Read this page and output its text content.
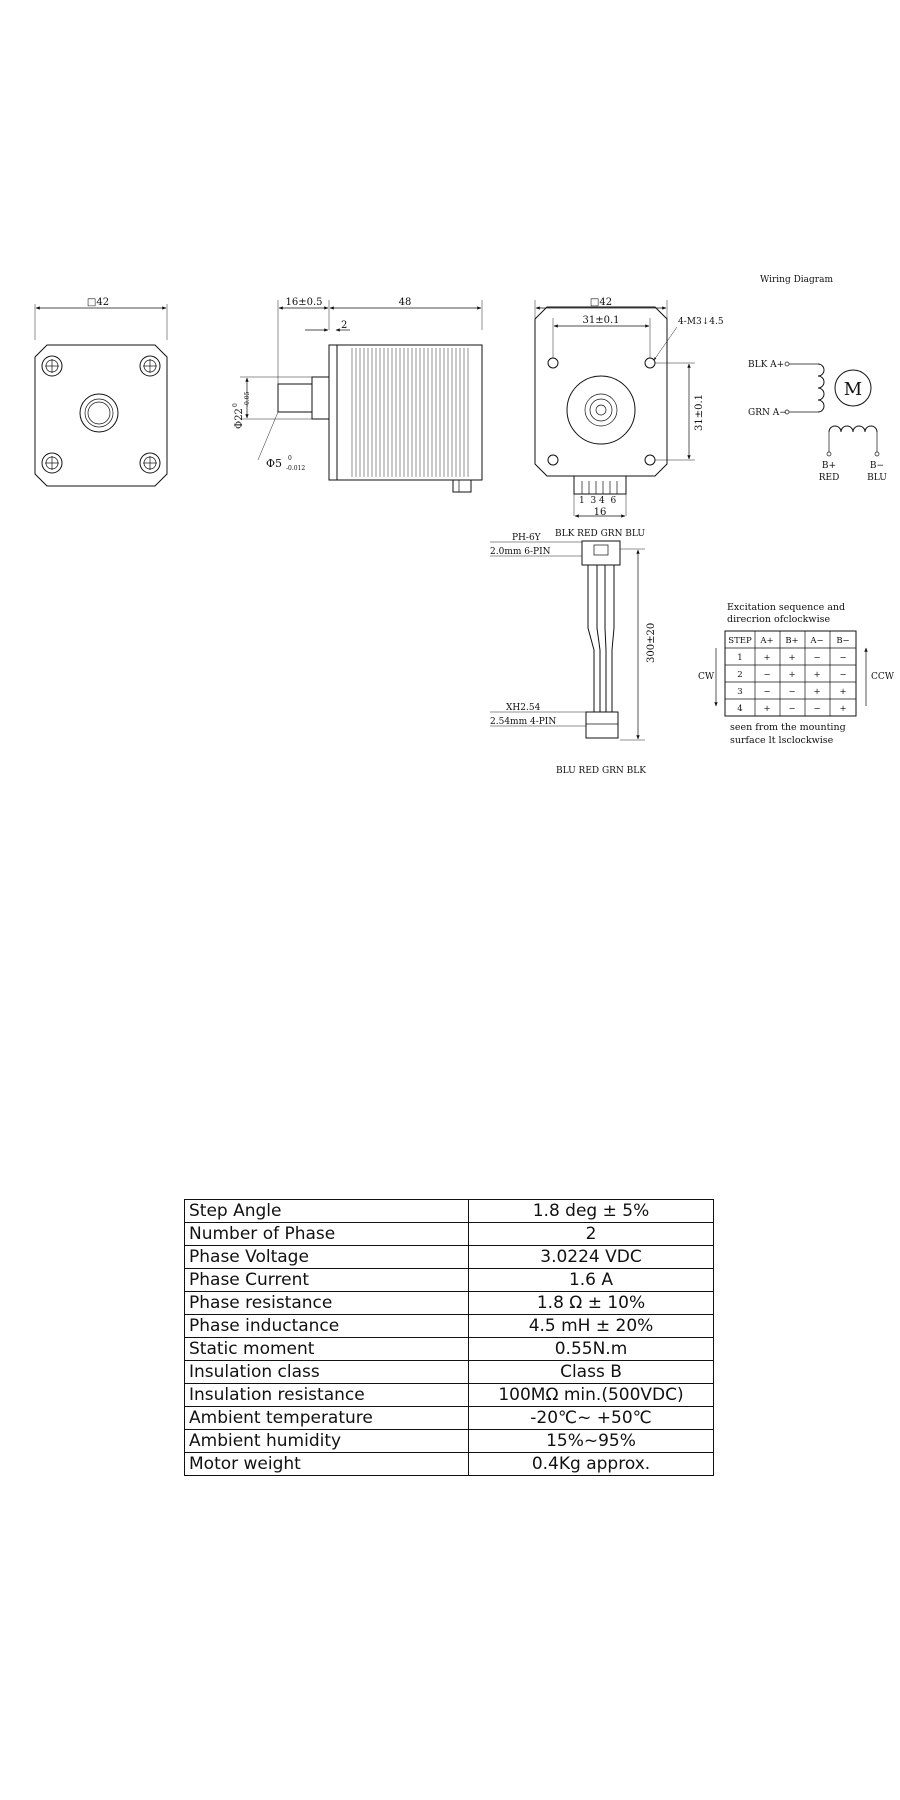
□42	16±0.5	48
2
Φ22
0 -0.05
Φ5 0
-0.012
□42
31±0.1	4-M3↓4.5
31±0.1
1  3 4  6
16
BLK RED GRN BLU
PH-6Y
2.0mm 6-PIN
XH2.54
2.54mm 4-PIN
300±20
BLU RED GRN BLK
Wiring Diagram
BLK A+
GRN A−
M
B+
RED
B−
BLU
Excitation sequence and
direcrion ofclockwise
STEP A+ B+ A− B−
1 + + − −
2 − + + −
3 − − + +
4 + − − +
CW	CCW
seen from the mounting
surface lt lsclockwise
Step Angle	1.8 deg ± 5%
Number of Phase	2
Phase Voltage	3.0224 VDC
Phase Current	1.6 A
Phase resistance	1.8 Ω ± 10%
Phase inductance	4.5 mH ± 20%
Static moment	0.55N.m
Insulation class	Class B
Insulation resistance	100MΩ min.(500VDC)
Ambient temperature	-20℃~ +50℃
Ambient humidity	15%~95%
Motor weight	0.4Kg approx.
